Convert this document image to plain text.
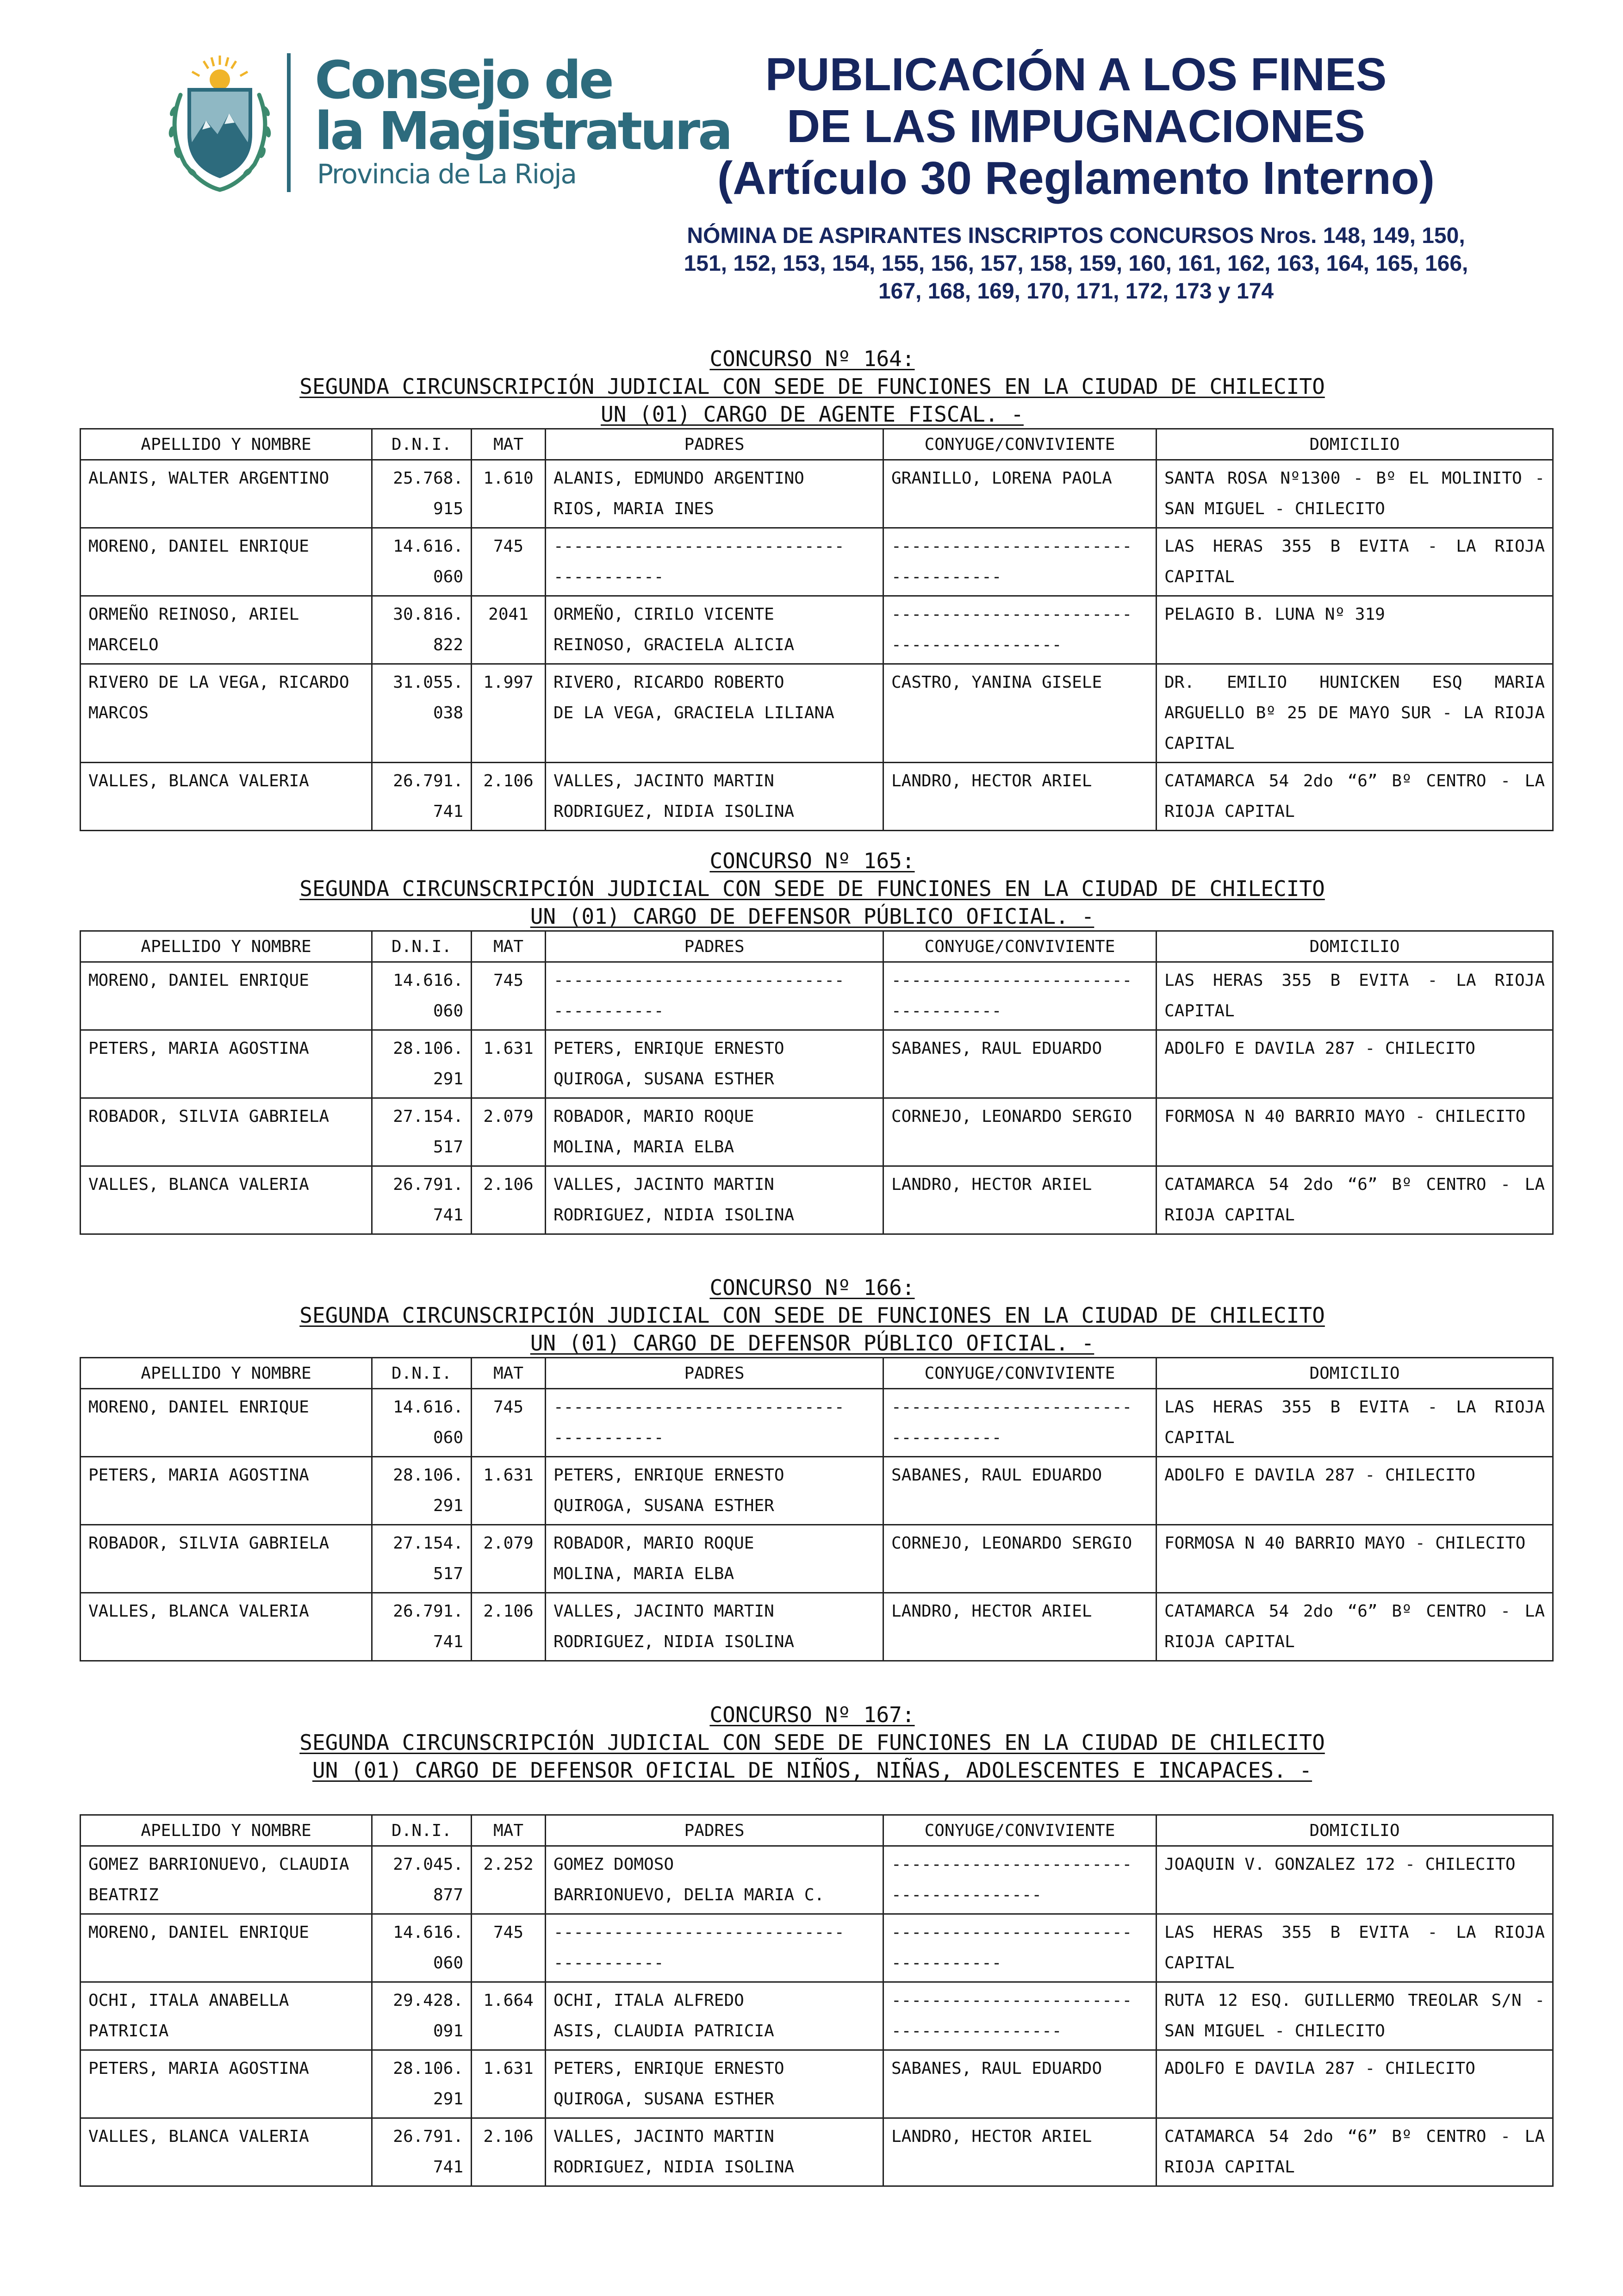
Consejo de
la Magistratura
Provincia de La Rioja
PUBLICACIÓN A LOS FINES
DE LAS IMPUGNACIONES
(Artículo 30 Reglamento Interno)
NÓMINA DE ASPIRANTES INSCRIPTOS CONCURSOS Nros. 148, 149, 150, 151, 152, 153, 154, 155, 156, 157, 158, 159, 160, 161, 162, 163, 164, 165, 166, 167, 168, 169, 170, 171, 172, 173 y 174
CONCURSO Nº 164:
SEGUNDA CIRCUNSCRIPCIÓN JUDICIAL CON SEDE DE FUNCIONES EN LA CIUDAD DE CHILECITO
UN (01) CARGO DE AGENTE FISCAL. -
APELLIDO Y NOMBRE	D.N.I.	MAT	PADRES	CONYUGE/CONVIVIENTE	DOMICILIO

ALANIS, WALTER ARGENTINO	25.768.
915	1.610	ALANIS, EDMUNDO ARGENTINO
RIOS, MARIA INES	GRANILLO, LORENA PAOLA	SANTA ROSA Nº1300 - Bº EL MOLINITO - SAN MIGUEL - CHILECITO

MORENO, DANIEL ENRIQUE	14.616.
060	745	-----------------------------
-----------	------------------------
-----------	LAS HERAS 355 B EVITA - LA RIOJA CAPITAL

ORMEÑO REINOSO, ARIEL MARCELO	30.816.
822	2041	ORMEÑO, CIRILO VICENTE
REINOSO, GRACIELA ALICIA	------------------------
-----------------	PELAGIO B. LUNA Nº 319

RIVERO DE LA VEGA, RICARDO MARCOS	31.055.
038	1.997	RIVERO, RICARDO ROBERTO
DE LA VEGA, GRACIELA LILIANA	CASTRO, YANINA GISELE	DR. EMILIO HUNICKEN ESQ MARIA ARGUELLO Bº 25 DE MAYO SUR - LA RIOJA CAPITAL

VALLES, BLANCA VALERIA	26.791.
741	2.106	VALLES, JACINTO MARTIN
RODRIGUEZ, NIDIA ISOLINA	LANDRO, HECTOR ARIEL	CATAMARCA 54 2do “6” Bº CENTRO - LA RIOJA CAPITAL
CONCURSO Nº 165:
SEGUNDA CIRCUNSCRIPCIÓN JUDICIAL CON SEDE DE FUNCIONES EN LA CIUDAD DE CHILECITO
UN (01) CARGO DE DEFENSOR PÚBLICO OFICIAL. -
APELLIDO Y NOMBRE	D.N.I.	MAT	PADRES	CONYUGE/CONVIVIENTE	DOMICILIO

MORENO, DANIEL ENRIQUE	14.616.
060	745	-----------------------------
-----------	------------------------
-----------	LAS HERAS 355 B EVITA - LA RIOJA CAPITAL

PETERS, MARIA AGOSTINA	28.106.
291	1.631	PETERS, ENRIQUE ERNESTO
QUIROGA, SUSANA ESTHER	SABANES, RAUL EDUARDO	ADOLFO E DAVILA 287 - CHILECITO

ROBADOR, SILVIA GABRIELA	27.154.
517	2.079	ROBADOR, MARIO ROQUE
MOLINA, MARIA ELBA	CORNEJO, LEONARDO SERGIO	FORMOSA N 40 BARRIO MAYO - CHILECITO

VALLES, BLANCA VALERIA	26.791.
741	2.106	VALLES, JACINTO MARTIN
RODRIGUEZ, NIDIA ISOLINA	LANDRO, HECTOR ARIEL	CATAMARCA 54 2do “6” Bº CENTRO - LA RIOJA CAPITAL
CONCURSO Nº 166:
SEGUNDA CIRCUNSCRIPCIÓN JUDICIAL CON SEDE DE FUNCIONES EN LA CIUDAD DE CHILECITO
UN (01) CARGO DE DEFENSOR PÚBLICO OFICIAL. -
APELLIDO Y NOMBRE	D.N.I.	MAT	PADRES	CONYUGE/CONVIVIENTE	DOMICILIO

MORENO, DANIEL ENRIQUE	14.616.
060	745	-----------------------------
-----------	------------------------
-----------	LAS HERAS 355 B EVITA - LA RIOJA CAPITAL

PETERS, MARIA AGOSTINA	28.106.
291	1.631	PETERS, ENRIQUE ERNESTO
QUIROGA, SUSANA ESTHER	SABANES, RAUL EDUARDO	ADOLFO E DAVILA 287 - CHILECITO

ROBADOR, SILVIA GABRIELA	27.154.
517	2.079	ROBADOR, MARIO ROQUE
MOLINA, MARIA ELBA	CORNEJO, LEONARDO SERGIO	FORMOSA N 40 BARRIO MAYO - CHILECITO

VALLES, BLANCA VALERIA	26.791.
741	2.106	VALLES, JACINTO MARTIN
RODRIGUEZ, NIDIA ISOLINA	LANDRO, HECTOR ARIEL	CATAMARCA 54 2do “6” Bº CENTRO - LA RIOJA CAPITAL
CONCURSO Nº 167:
SEGUNDA CIRCUNSCRIPCIÓN JUDICIAL CON SEDE DE FUNCIONES EN LA CIUDAD DE CHILECITO
UN (01) CARGO DE DEFENSOR OFICIAL DE NIÑOS, NIÑAS, ADOLESCENTES E INCAPACES. -
APELLIDO Y NOMBRE	D.N.I.	MAT	PADRES	CONYUGE/CONVIVIENTE	DOMICILIO

GOMEZ BARRIONUEVO, CLAUDIA BEATRIZ	27.045.
877	2.252	GOMEZ DOMOSO
BARRIONUEVO, DELIA MARIA C.	------------------------
---------------	JOAQUIN V. GONZALEZ 172 - CHILECITO

MORENO, DANIEL ENRIQUE	14.616.
060	745	-----------------------------
-----------	------------------------
-----------	LAS HERAS 355 B EVITA - LA RIOJA CAPITAL

OCHI, ITALA ANABELLA PATRICIA	29.428.
091	1.664	OCHI, ITALA ALFREDO
ASIS, CLAUDIA PATRICIA	------------------------
-----------------	RUTA 12 ESQ. GUILLERMO TREOLAR S/N - SAN MIGUEL - CHILECITO

PETERS, MARIA AGOSTINA	28.106.
291	1.631	PETERS, ENRIQUE ERNESTO
QUIROGA, SUSANA ESTHER	SABANES, RAUL EDUARDO	ADOLFO E DAVILA 287 - CHILECITO

VALLES, BLANCA VALERIA	26.791.
741	2.106	VALLES, JACINTO MARTIN
RODRIGUEZ, NIDIA ISOLINA	LANDRO, HECTOR ARIEL	CATAMARCA 54 2do “6” Bº CENTRO - LA RIOJA CAPITAL
